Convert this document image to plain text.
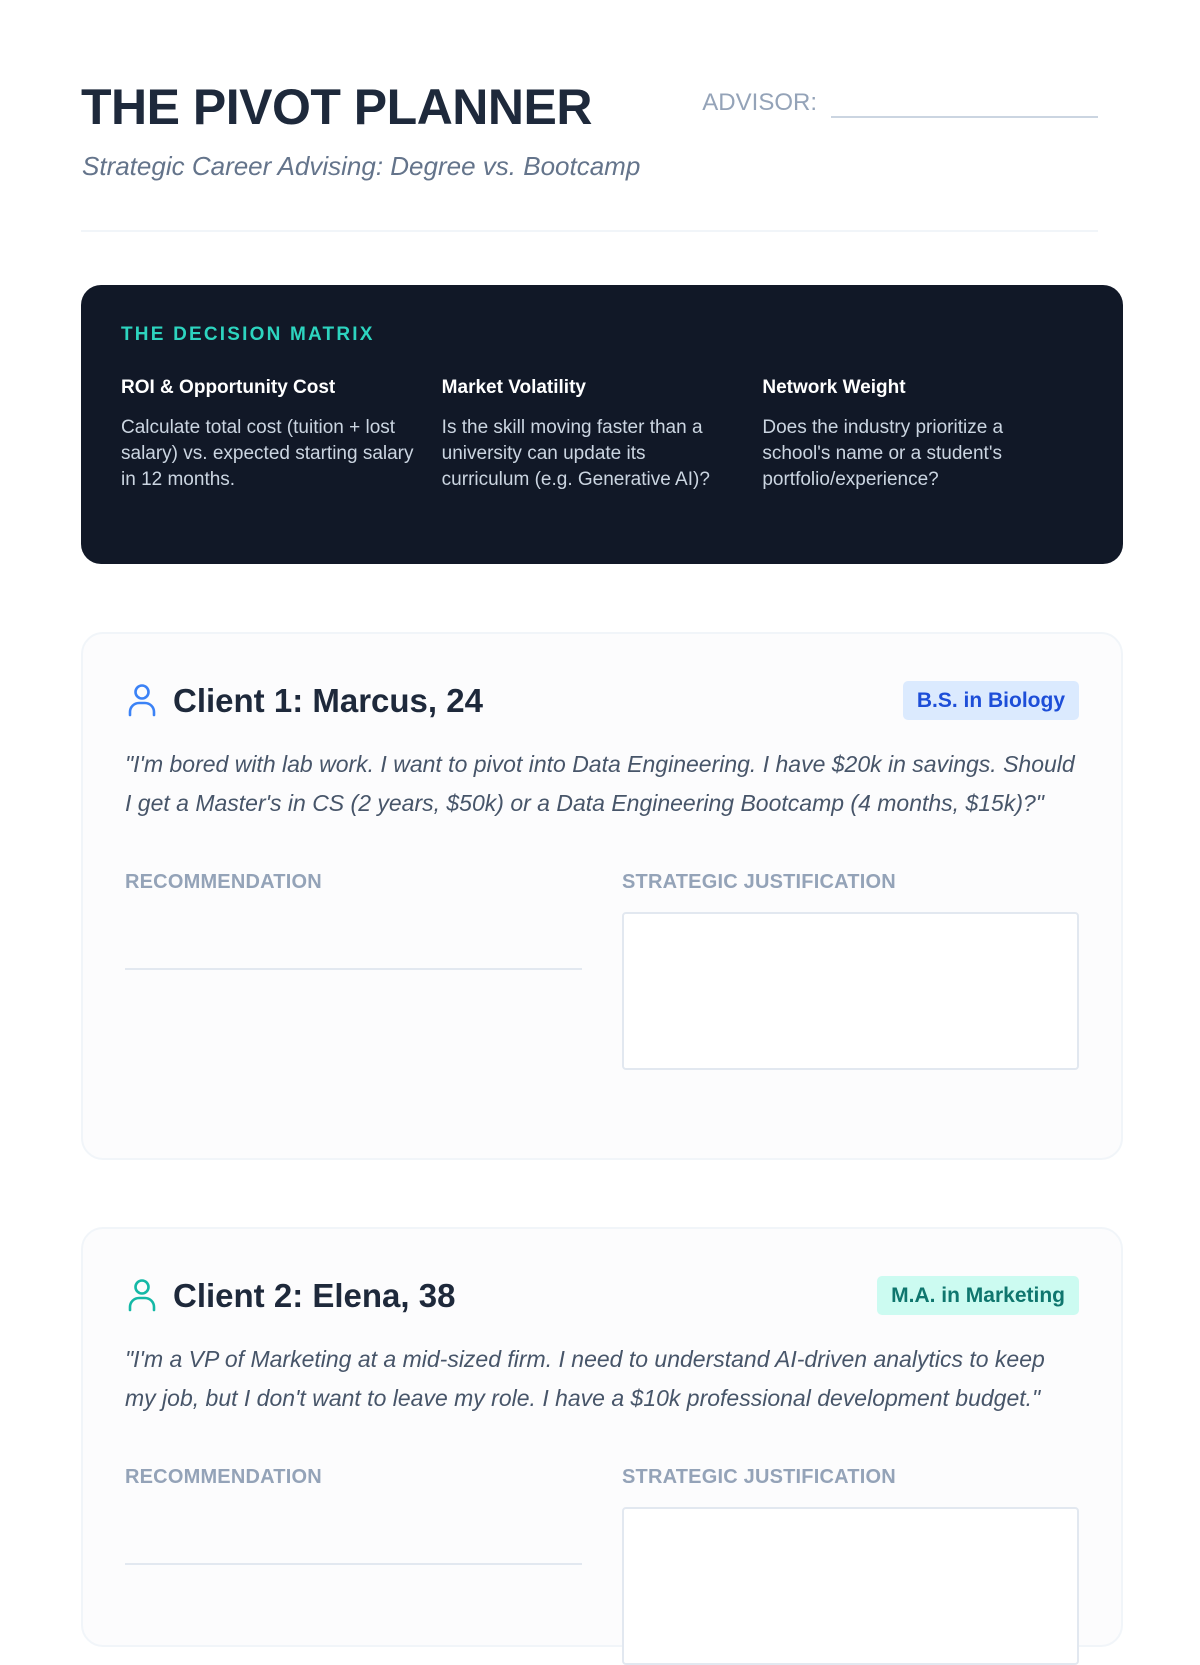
THE PIVOT PLANNER

Strategic Career Advising: Degree vs. Bootcamp

ADVISOR:
THE DECISION MATRIX
ROI & Opportunity Cost

Calculate total cost (tuition + lost salary) vs. expected starting salary in 12 months.

Market Volatility

Is the skill moving faster than a university can update its curriculum (e.g. Generative AI)?

Network Weight

Does the industry prioritize a school's name or a student's portfolio/experience?

Client 1: Marcus, 24	B.S. in Biology

"I'm bored with lab work. I want to pivot into Data Engineering. I have $20k in savings. Should I get a Master's in CS (2 years, $50k) or a Data Engineering Bootcamp (4 months, $15k)?"

RECOMMENDATION	STRATEGIC JUSTIFICATION
Client 2: Elena, 38	M.A. in Marketing

"I'm a VP of Marketing at a mid-sized firm. I need to understand AI-driven analytics to keep my job, but I don't want to leave my role. I have a $10k professional development budget."

RECOMMENDATION	STRATEGIC JUSTIFICATION
